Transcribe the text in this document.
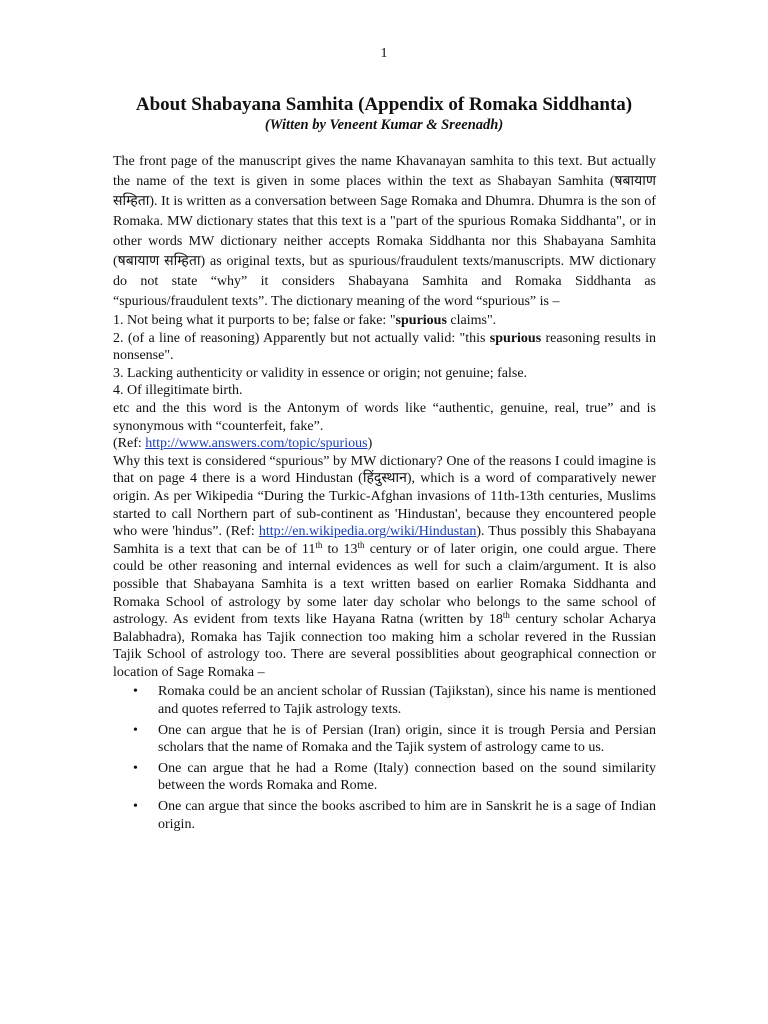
1
About Shabayana Samhita (Appendix of Romaka Siddhanta)
(Witten by Veneent Kumar & Sreenadh)

The front page of the manuscript gives the name Khavanayan samhita to this text. But actually the name of the text is given in some places within the text as Shabayan Samhita (षबायाण सम्हिता). It is written as a conversation between Sage Romaka and Dhumra. Dhumra is the son of Romaka. MW dictionary states that this text is a "part of the spurious Romaka Siddhanta", or in other words MW dictionary neither accepts Romaka Siddhanta nor this Shabayana Samhita (षबायाण सम्हिता) as original texts, but as spurious/fraudulent texts/manuscripts. MW dictionary do not state “why” it considers Shabayana Samhita and Romaka Siddhanta as “spurious/fraudulent texts”. The dictionary meaning of the word “spurious” is –

1. Not being what it purports to be; false or fake: "spurious claims".

2. (of a line of reasoning) Apparently but not actually valid: "this spurious reasoning results in nonsense".

3. Lacking authenticity or validity in essence or origin; not genuine; false.

4. Of illegitimate birth.

etc and the this word is the Antonym of words like “authentic, genuine, real, true” and is synonymous with “counterfeit, fake”.

(Ref: http://www.answers.com/topic/spurious)

Why this text is considered “spurious” by MW dictionary? One of the reasons I could imagine is that on page 4 there is a word Hindustan (हिंदुस्थान), which is a word of comparatively newer origin. As per Wikipedia “During the Turkic-Afghan invasions of 11th-13th centuries, Muslims started to call Northern part of sub-continent as 'Hindustan', because they encountered people who were 'hindus”. (Ref: http://en.wikipedia.org/wiki/Hindustan). Thus possibly this Shabayana Samhita is a text that can be of 11th to 13th century or of later origin, one could argue. There could be other reasoning and internal evidences as well for such a claim/argument. It is also possible that Shabayana Samhita is a text written based on earlier Romaka Siddhanta and Romaka School of astrology by some later day scholar who belongs to the same school of astrology. As evident from texts like Hayana Ratna (written by 18th century scholar Acharya Balabhadra), Romaka has Tajik connection too making him a scholar revered in the Russian Tajik School of astrology too. There are several possiblities about geographical connection or location of Sage Romaka –

• Romaka could be an ancient scholar of Russian (Tajikstan), since his name is mentioned and quotes referred to Tajik astrology texts.
• One can argue that he is of Persian (Iran) origin, since it is trough Persia and Persian scholars that the name of Romaka and the Tajik system of astrology came to us.
• One can argue that he had a Rome (Italy) connection based on the sound similarity between the words Romaka and Rome.
• One can argue that since the books ascribed to him are in Sanskrit he is a sage of Indian origin.
